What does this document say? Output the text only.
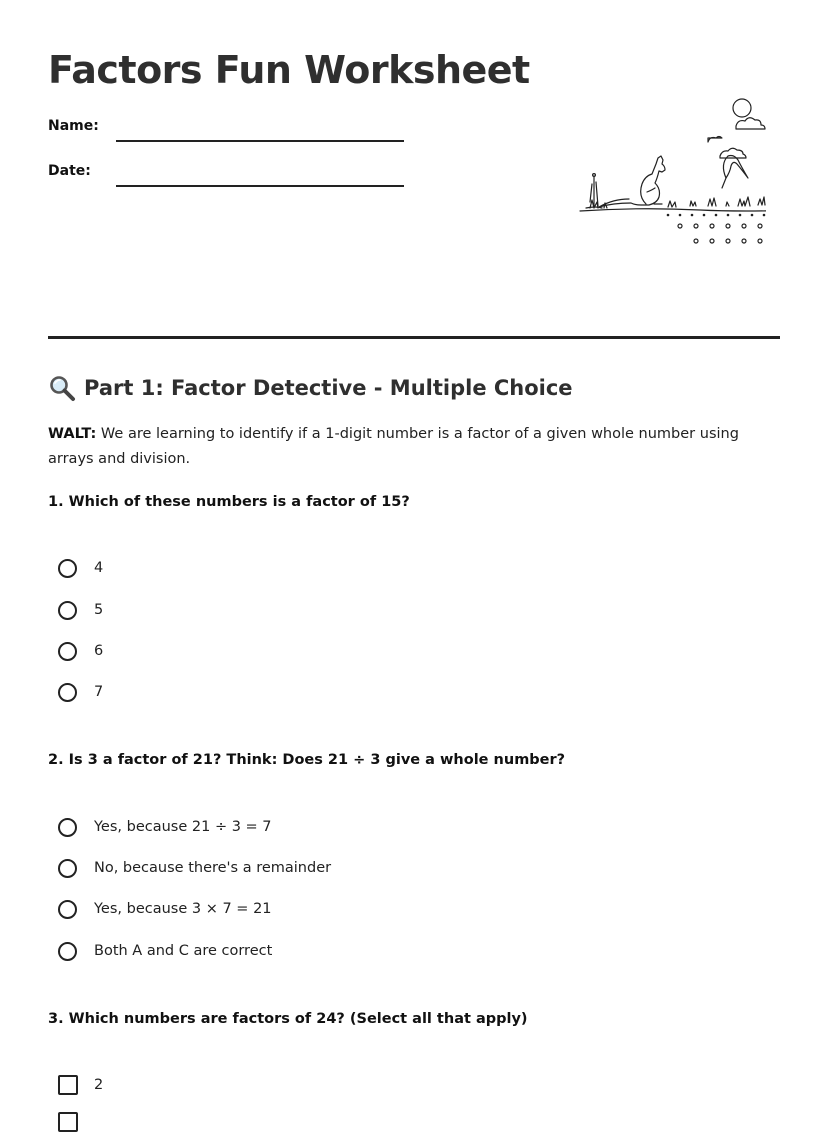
Factors Fun Worksheet
Name:
Date:
Part 1: Factor Detective - Multiple Choice

WALT: We are learning to identify if a 1-digit number is a factor of a given whole number using arrays and division.

1. Which of these numbers is a factor of 15?
4
5
6
7
2. Is 3 a factor of 21? Think: Does 21 ÷ 3 give a whole number?
Yes, because 21 ÷ 3 = 7
No, because there's a remainder
Yes, because 3 × 7 = 21
Both A and C are correct
3. Which numbers are factors of 24? (Select all that apply)
2
